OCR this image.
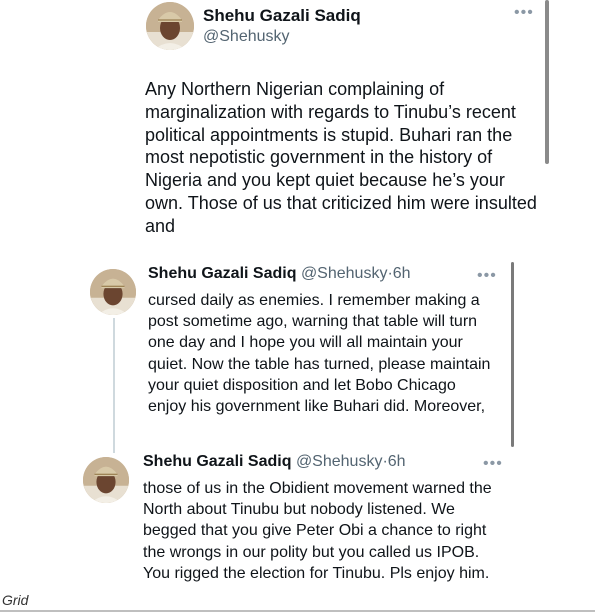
Shehu Gazali Sadiq
@Shehusky
•••
Any Northern Nigerian complaining of marginalization with regards to Tinubu’s recent political appointments is stupid. Buhari ran the most nepotistic government in the history of Nigeria and you kept quiet because he’s your own. Those of us that criticized him were insulted and
Shehu Gazali Sadiq @Shehusky·6h	•••
cursed daily as enemies. I remember making a post sometime ago, warning that table will turn one day and I hope you will all maintain your quiet. Now the table has turned, please maintain your quiet disposition and let Bobo Chicago enjoy his government like Buhari did. Moreover,
Shehu Gazali Sadiq @Shehusky·6h	•••
those of us in the Obidient movement warned the North about Tinubu but nobody listened. We begged that you give Peter Obi a chance to right the wrongs in our polity but you called us IPOB. You rigged the election for Tinubu. Pls enjoy him.
Grid
